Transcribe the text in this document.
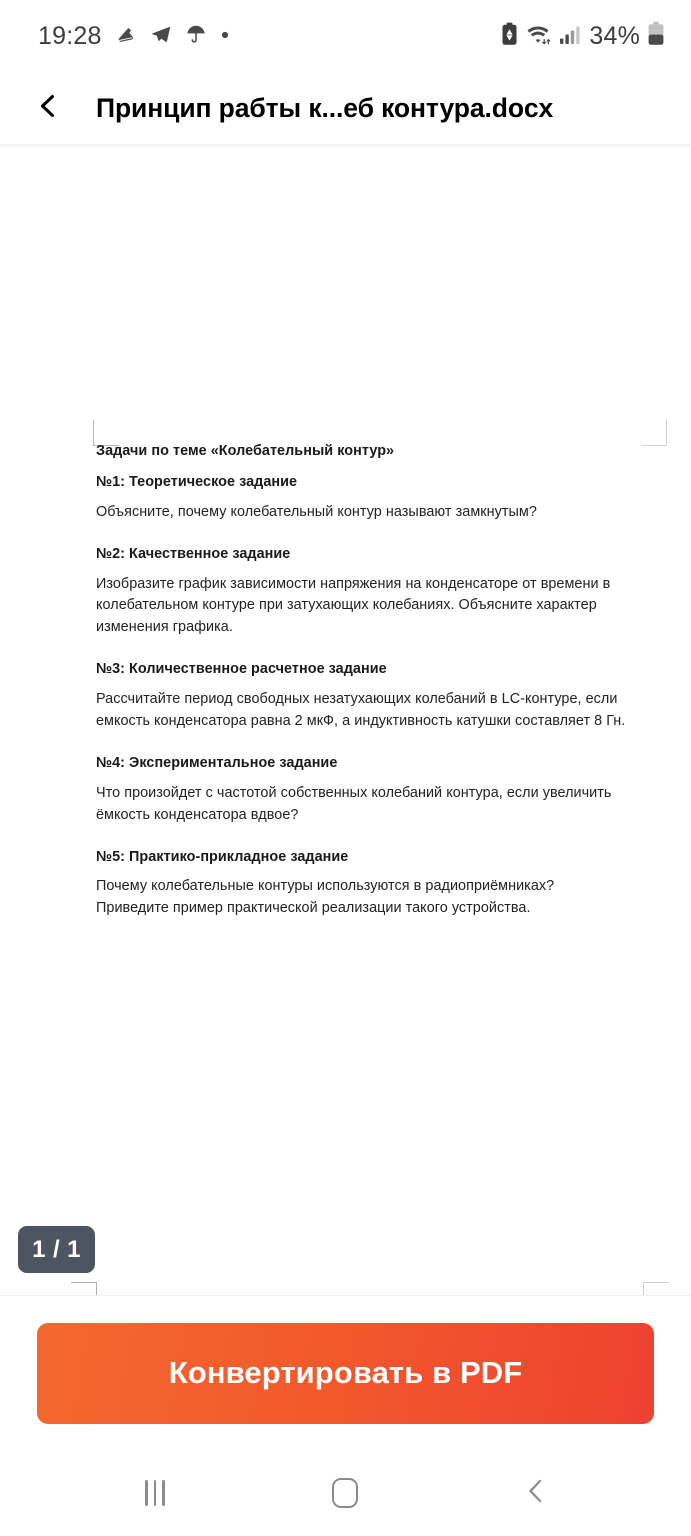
19:28	34%
Принцип рабты к...еб контура.docx
Задачи по теме «Колебательный контур»
№1: Теоретическое задание
Объясните, почему колебательный контур называют замкнутым?
№2: Качественное задание
Изобразите график зависимости напряжения на конденсаторе от времени в колебательном контуре при затухающих колебаниях. Объясните характер изменения графика.
№3: Количественное расчетное задание
Рассчитайте период свободных незатухающих колебаний в LC-контуре, если емкость конденсатора равна 2 мкФ, а индуктивность катушки составляет 8 Гн.
№4: Экспериментальное задание
Что произойдет с частотой собственных колебаний контура, если увеличить ёмкость конденсатора вдвое?
№5: Практико-прикладное задание
Почему колебательные контуры используются в радиоприёмниках? Приведите пример практической реализации такого устройства.
1 / 1
Конвертировать в PDF
